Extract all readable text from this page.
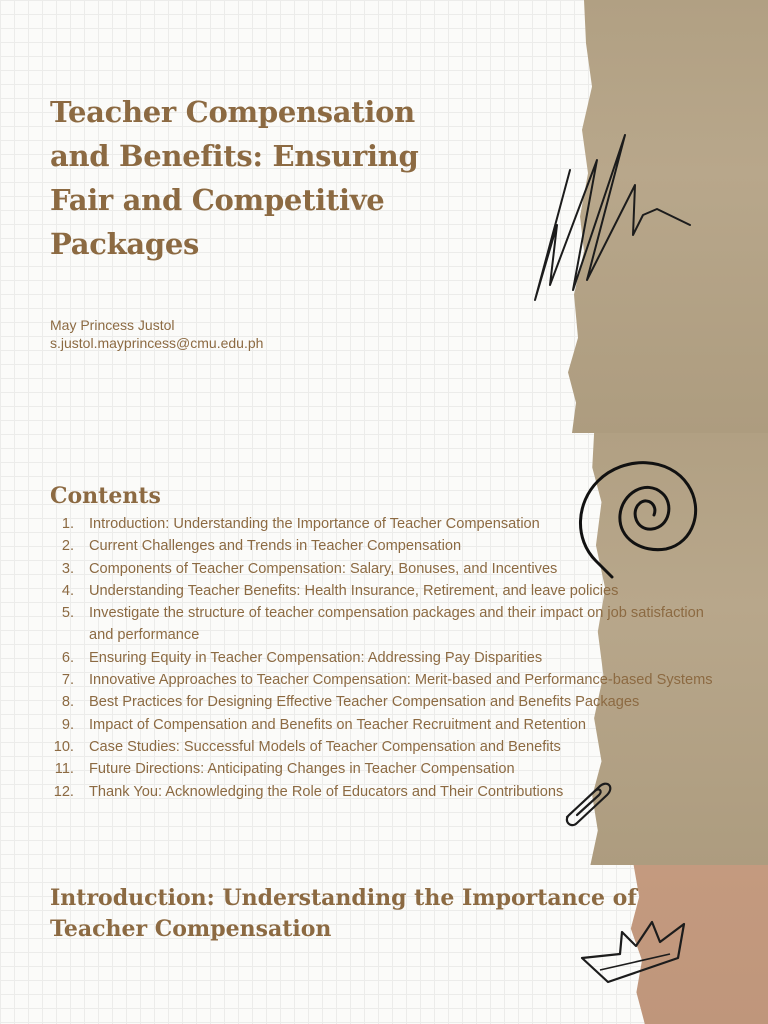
Teacher Compensation and Benefits: Ensuring Fair and Competitive Packages
May Princess Justol
s.justol.mayprincess@cmu.edu.ph
Contents
1. Introduction: Understanding the Importance of Teacher Compensation
2. Current Challenges and Trends in Teacher Compensation
3. Components of Teacher Compensation: Salary, Bonuses, and Incentives
4. Understanding Teacher Benefits: Health Insurance, Retirement, and leave policies
5. Investigate the structure of teacher compensation packages and their impact on job satisfaction and performance
6. Ensuring Equity in Teacher Compensation: Addressing Pay Disparities
7. Innovative Approaches to Teacher Compensation: Merit-based and Performance-based Systems
8. Best Practices for Designing Effective Teacher Compensation and Benefits Packages
9. Impact of Compensation and Benefits on Teacher Recruitment and Retention
10. Case Studies: Successful Models of Teacher Compensation and Benefits
11. Future Directions: Anticipating Changes in Teacher Compensation
12. Thank You: Acknowledging the Role of Educators and Their Contributions
Introduction: Understanding the Importance of Teacher Compensation
